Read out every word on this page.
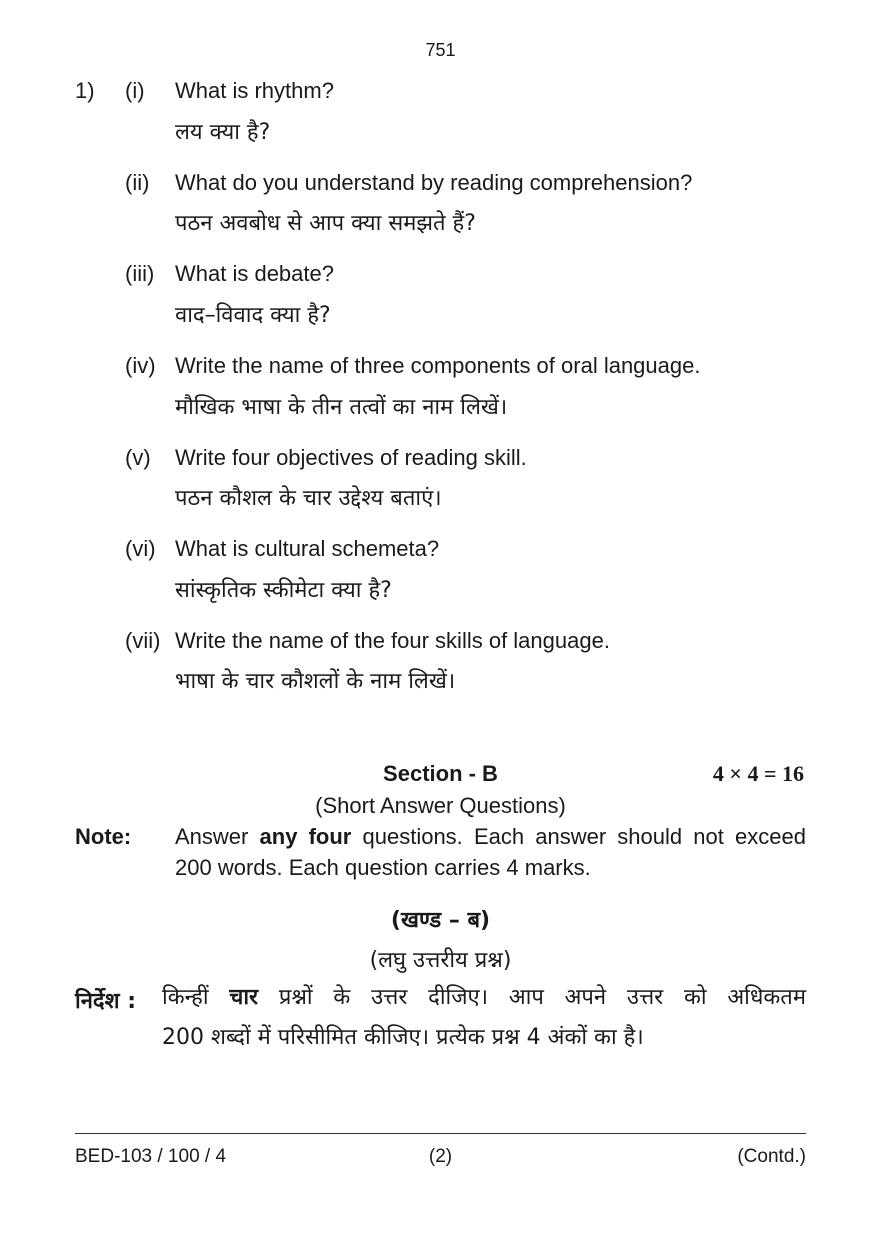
751
1) (i) What is rhythm?
लय क्या है?
(ii) What do you understand by reading comprehension?
पठन अवबोध से आप क्या समझते हैं?
(iii) What is debate?
वाद–विवाद क्या है?
(iv) Write the name of three components of oral language.
मौखिक भाषा के तीन तत्वों का नाम लिखें।
(v) Write four objectives of reading skill.
पठन कौशल के चार उद्देश्य बताएं।
(vi) What is cultural schemeta?
सांस्कृतिक स्कीमेटा क्या है?
(vii) Write the name of the four skills of language.
भाषा के चार कौशलों के नाम लिखें।
Section - B	4 × 4 = 16
(Short Answer Questions)
Note: Answer any four questions. Each answer should not exceed 200 words. Each question carries 4 marks.
(खण्ड – ब)
(लघु उत्तरीय प्रश्न)
निर्देश : किन्हीं चार प्रश्नों के उत्तर दीजिए। आप अपने उत्तर को अधिकतम
200 शब्दों में परिसीमित कीजिए। प्रत्येक प्रश्न 4 अंकों का है।
BED-103 / 100 / 4	(2)	(Contd.)
